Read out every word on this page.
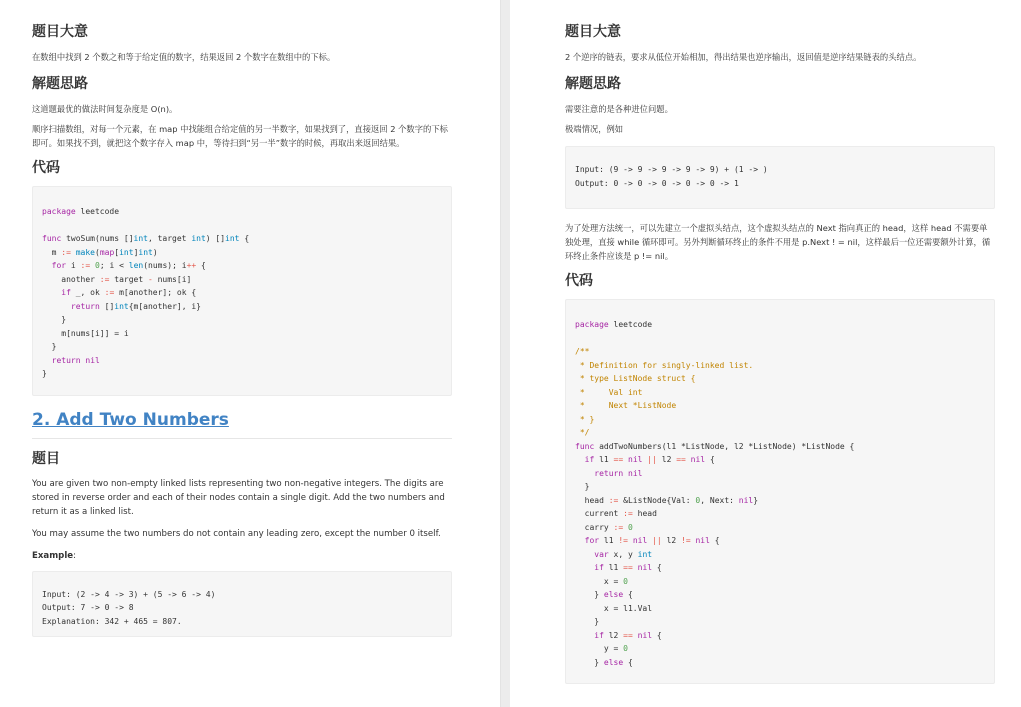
题目大意

在数组中找到 2 个数之和等于给定值的数字，结果返回 2 个数字在数组中的下标。

解题思路

这道题最优的做法时间复杂度是 O(n)。

顺序扫描数组，对每一个元素，在 map 中找能组合给定值的另一半数字，如果找到了，直接返回 2 个数字的下标即可。如果找不到，就把这个数字存入 map 中，等待扫到“另一半”数字的时候，再取出来返回结果。

代码
package leetcode

func twoSum(nums []int, target int) []int {
m := make(map[int]int)
for i := 0; i < len(nums); i++ {
another := target - nums[i]
if _, ok := m[another]; ok {
return []int{m[another], i}
}
m[nums[i]] = i
}
return nil
}
2. Add Two Numbers
题目

You are given two non-empty linked lists representing two non-negative integers. The digits are stored in reverse order and each of their nodes contain a single digit. Add the two numbers and return it as a linked list.

You may assume the two numbers do not contain any leading zero, except the number 0 itself.

Example:

Input: (2 -> 4 -> 3) + (5 -> 6 -> 4)
Output: 7 -> 0 -> 8
Explanation: 342 + 465 = 807.
题目大意

2 个逆序的链表，要求从低位开始相加，得出结果也逆序输出，返回值是逆序结果链表的头结点。

解题思路

需要注意的是各种进位问题。

极端情况，例如

Input: (9 -> 9 -> 9 -> 9 -> 9) + (1 -> )
Output: 0 -> 0 -> 0 -> 0 -> 0 -> 1

为了处理方法统一，可以先建立一个虚拟头结点，这个虚拟头结点的 Next 指向真正的 head，这样 head 不需要单独处理，直接 while 循环即可。另外判断循环终止的条件不用是 p.Next ! = nil，这样最后一位还需要额外计算，循环终止条件应该是 p != nil。

代码
package leetcode

/**
* Definition for singly-linked list.
* type ListNode struct {
*     Val int
*     Next *ListNode
* }
*/
func addTwoNumbers(l1 *ListNode, l2 *ListNode) *ListNode {
if l1 == nil || l2 == nil {
return nil
}
head := &ListNode{Val: 0, Next: nil}
current := head
carry := 0
for l1 != nil || l2 != nil {
var x, y int
if l1 == nil {
x = 0
} else {
x = l1.Val
}
if l2 == nil {
y = 0
} else {
